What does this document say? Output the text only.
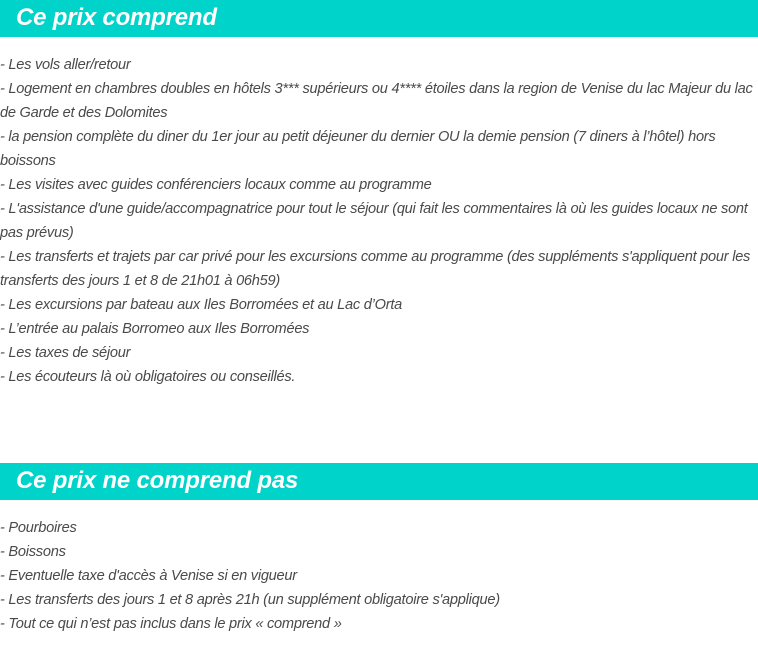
Ce prix comprend
- Les vols aller/retour
- Logement en chambres doubles en hôtels 3*** supérieurs ou 4**** étoiles dans la region de Venise du lac Majeur du lac de Garde et des Dolomites
- la pension complète du diner du 1er jour au petit déjeuner du dernier OU la demie pension (7 diners à l’hôtel) hors boissons
- Les visites avec guides conférenciers locaux comme au programme
- L'assistance d'une guide/accompagnatrice pour tout le séjour (qui fait les commentaires là où les guides locaux ne sont pas prévus)
- Les transferts et trajets par car privé pour les excursions comme au programme (des suppléments s'appliquent pour les transferts des jours 1 et 8 de 21h01 à 06h59)
- Les excursions par bateau aux Iles Borromées et au Lac d’Orta
- L’entrée au palais Borromeo aux Iles Borromées
- Les taxes de séjour
- Les écouteurs là où obligatoires ou conseillés.
Ce prix ne comprend pas
- Pourboires
- Boissons
- Eventuelle taxe d'accès à Venise si en vigueur
- Les transferts des jours 1 et 8 après 21h (un supplément obligatoire s'applique)
- Tout ce qui n’est pas inclus dans le prix « comprend »
